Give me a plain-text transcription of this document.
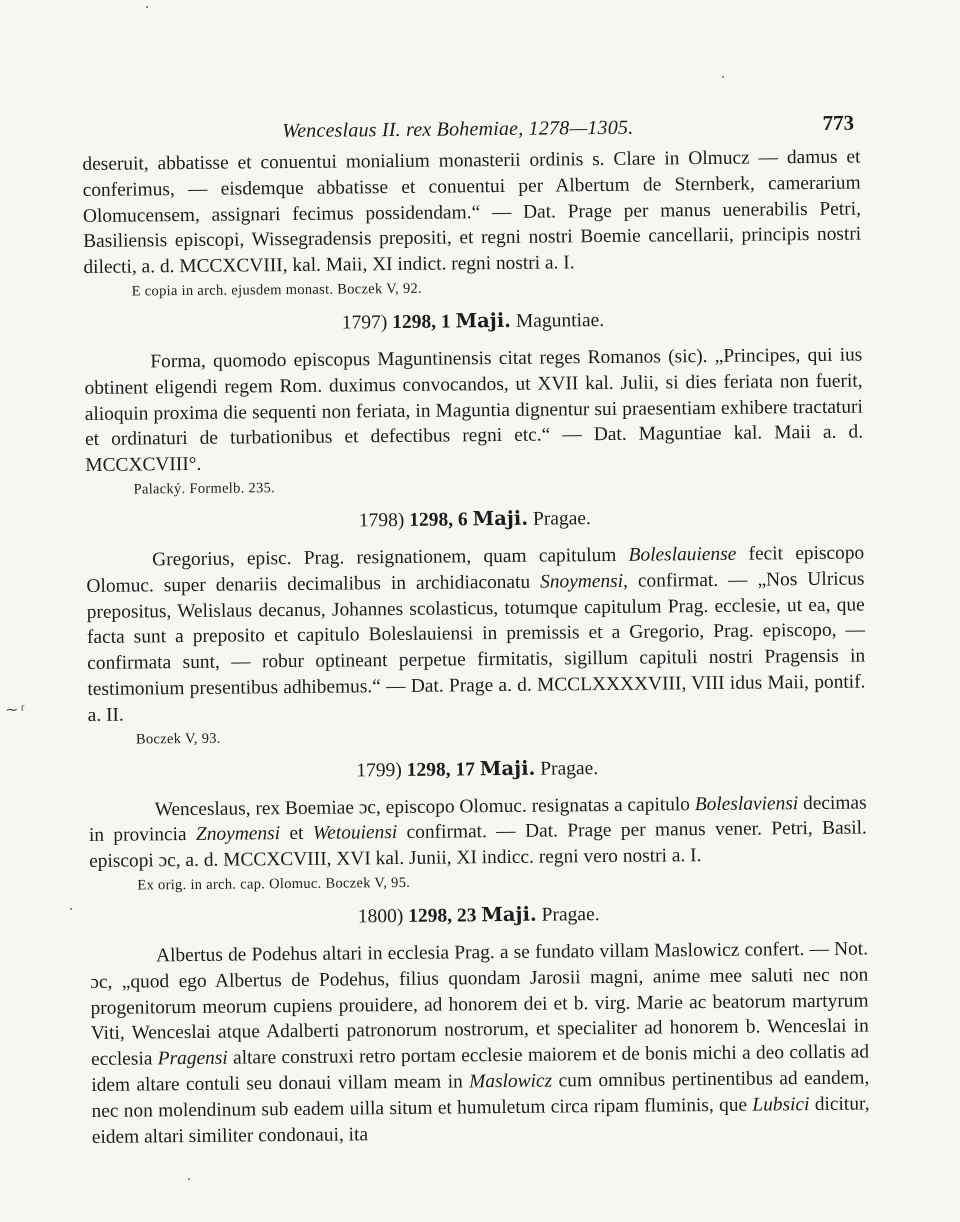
~ ͬ
Wenceslaus II. rex Bohemiae, 1278—1305.	773

deseruit, abbatisse et conuentui monialium monasterii ordinis s. Clare in Olmucz — damus et conferimus, — eisdemque abbatisse et conuentui per Albertum de Sternberk, camerarium Olomucensem, assignari fecimus possidendam.“ — Dat. Prage per manus uenerabilis Petri, Basiliensis episcopi, Wissegradensis prepositi, et regni nostri Boemie cancellarii, principis nostri dilecti, a. d. MCCXCVIII, kal. Maii, XI indict. regni nostri a. I.

E copia in arch. ejusdem monast. Boczek V, 92.

1797) 1298, 1 Maji. Maguntiae.

Forma, quomodo episcopus Maguntinensis citat reges Romanos (sic). „Principes, qui ius obtinent eligendi regem Rom. duximus convocandos, ut XVII kal. Julii, si dies feriata non fuerit, alioquin proxima die sequenti non feriata, in Maguntia dignentur sui praesentiam exhibere tractaturi et ordinaturi de turbationibus et defectibus regni etc.“ — Dat. Maguntiae kal. Maii a. d. MCCXCVIII°.

Palacký. Formelb. 235.

1798) 1298, 6 Maji. Pragae.

Gregorius, episc. Prag. resignationem, quam capitulum Boleslauiense fecit episcopo Olomuc. super denariis decimalibus in archidiaconatu Snoymensi, confirmat. — „Nos Ulricus prepositus, Welislaus decanus, Johannes scolasticus, totumque capitulum Prag. ecclesie, ut ea, que facta sunt a preposito et capitulo Boleslauiensi in premissis et a Gregorio, Prag. episcopo, — confirmata sunt, — robur optineant perpetue firmitatis, sigillum capituli nostri Pragensis in testimonium presentibus adhibemus.“ — Dat. Prage a. d. MCCLXXXXVIII, VIII idus Maii, pontif. a. II.

Boczek V, 93.

1799) 1298, 17 Maji. Pragae.

Wenceslaus, rex Boemiae ɔc, episcopo Olomuc. resignatas a capitulo Boleslaviensi decimas in provincia Znoymensi et Wetouiensi confirmat. — Dat. Prage per manus vener. Petri, Basil. episcopi ɔc, a. d. MCCXCVIII, XVI kal. Junii, XI indicc. regni vero nostri a. I.

Ex orig. in arch. cap. Olomuc. Boczek V, 95.

1800) 1298, 23 Maji. Pragae.

Albertus de Podehus altari in ecclesia Prag. a se fundato villam Maslowicz confert. — Not. ɔc, „quod ego Albertus de Podehus, filius quondam Jarosii magni, anime mee saluti nec non progenitorum meorum cupiens prouidere, ad honorem dei et b. virg. Marie ac beatorum martyrum Viti, Wenceslai atque Adalberti patronorum nostrorum, et specialiter ad honorem b. Wenceslai in ecclesia Pragensi altare construxi retro portam ecclesie maiorem et de bonis michi a deo collatis ad idem altare contuli seu donaui villam meam in Maslowicz cum omnibus pertinentibus ad eandem, nec non molendinum sub eadem uilla situm et humuletum circa ripam fluminis, que Lubsici dicitur, eidem altari similiter condonaui, ita
